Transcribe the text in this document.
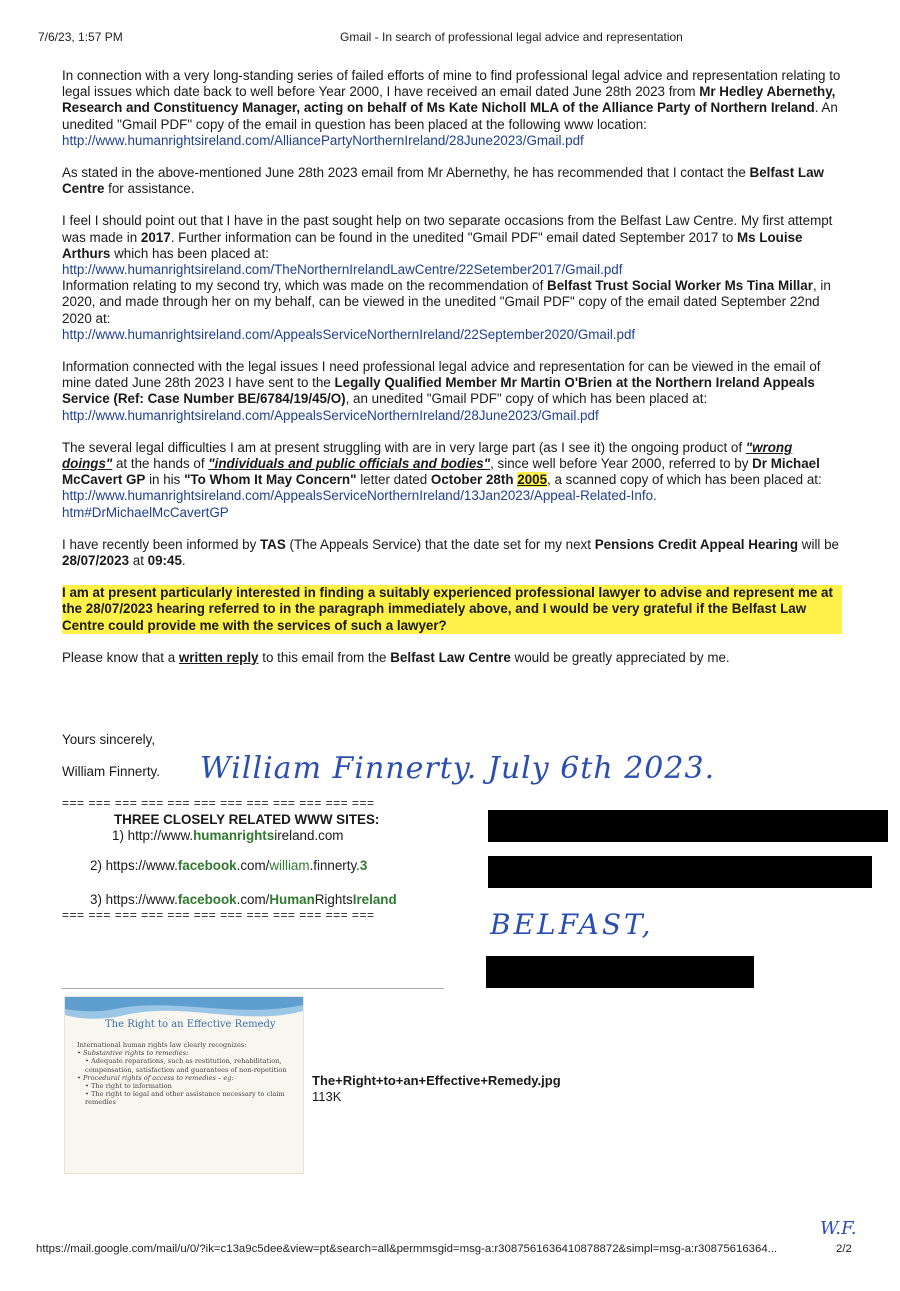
7/6/23, 1:57 PM	Gmail - In search of professional legal advice and representation

In connection with a very long-standing series of failed efforts of mine to find professional legal advice and representation relating to legal issues which date back to well before Year 2000, I have received an email dated June 28th 2023 from Mr Hedley Abernethy, Research and Constituency Manager, acting on behalf of Ms Kate Nicholl MLA of the Alliance Party of Northern Ireland. An unedited "Gmail PDF" copy of the email in question has been placed at the following www location:
http://www.humanrightsireland.com/AlliancePartyNorthernIreland/28June2023/Gmail.pdf

As stated in the above-mentioned June 28th 2023 email from Mr Abernethy, he has recommended that I contact the Belfast Law Centre for assistance.

I feel I should point out that I have in the past sought help on two separate occasions from the Belfast Law Centre. My first attempt was made in 2017. Further information can be found in the unedited "Gmail PDF" email dated September 2017 to Ms Louise Arthurs which has been placed at:
http://www.humanrightsireland.com/TheNorthernIrelandLawCentre/22Setember2017/Gmail.pdf
Information relating to my second try, which was made on the recommendation of Belfast Trust Social Worker Ms Tina Millar, in 2020, and made through her on my behalf, can be viewed in the unedited "Gmail PDF" copy of the email dated September 22nd 2020 at:
http://www.humanrightsireland.com/AppealsServiceNorthernIreland/22September2020/Gmail.pdf

Information connected with the legal issues I need professional legal advice and representation for can be viewed in the email of mine dated June 28th 2023 I have sent to the Legally Qualified Member Mr Martin O'Brien at the Northern Ireland Appeals Service (Ref: Case Number BE/6784/19/45/O), an unedited "Gmail PDF" copy of which has been placed at:
http://www.humanrightsireland.com/AppealsServiceNorthernIreland/28June2023/Gmail.pdf

The several legal difficulties I am at present struggling with are in very large part (as I see it) the ongoing product of "wrong doings" at the hands of "individuals and public officials and bodies", since well before Year 2000, referred to by Dr Michael McCavert GP in his "To Whom It May Concern" letter dated October 28th 2005, a scanned copy of which has been placed at:
http://www.humanrightsireland.com/AppealsServiceNorthernIreland/13Jan2023/Appeal-Related-Info.
htm#DrMichaelMcCavertGP

I have recently been informed by TAS (The Appeals Service) that the date set for my next Pensions Credit Appeal Hearing will be 28/07/2023 at 09:45.

I am at present particularly interested in finding a suitably experienced professional lawyer to advise and represent me at the 28/07/2023 hearing referred to in the paragraph immediately above, and I would be very grateful if the Belfast Law Centre could provide me with the services of such a lawyer?

Please know that a written reply to this email from the Belfast Law Centre would be greatly appreciated by me.

Yours sincerely,
William Finnerty. William Finnerty. July 6th 2023.
=== === === === === === === === === === === ===
THREE CLOSELY RELATED WWW SITES:
1) http://www.humanrightsireland.com
2) https://www.facebook.com/william.finnerty.3
3) https://www.facebook.com/HumanRightsIreland
=== === === === === === === === === === === ===	BELFAST,
The Right to an Effective Remedy
International human rights law clearly recognizes:
• Substantive rights to remedies:
• Adequate reparations, such as restitution, rehabilitation, compensation, satisfaction and guarantees of non-repetition
• Procedural rights of access to remedies – eg:
• The right to information
• The right to legal and other assistance necessary to claim remedies
The+Right+to+an+Effective+Remedy.jpg
113K
W.F.
https://mail.google.com/mail/u/0/?ik=c13a9c5dee&view=pt&search=all&permmsgid=msg-a:r3087561636410878872&simpl=msg-a:r30875616364...	2/2
